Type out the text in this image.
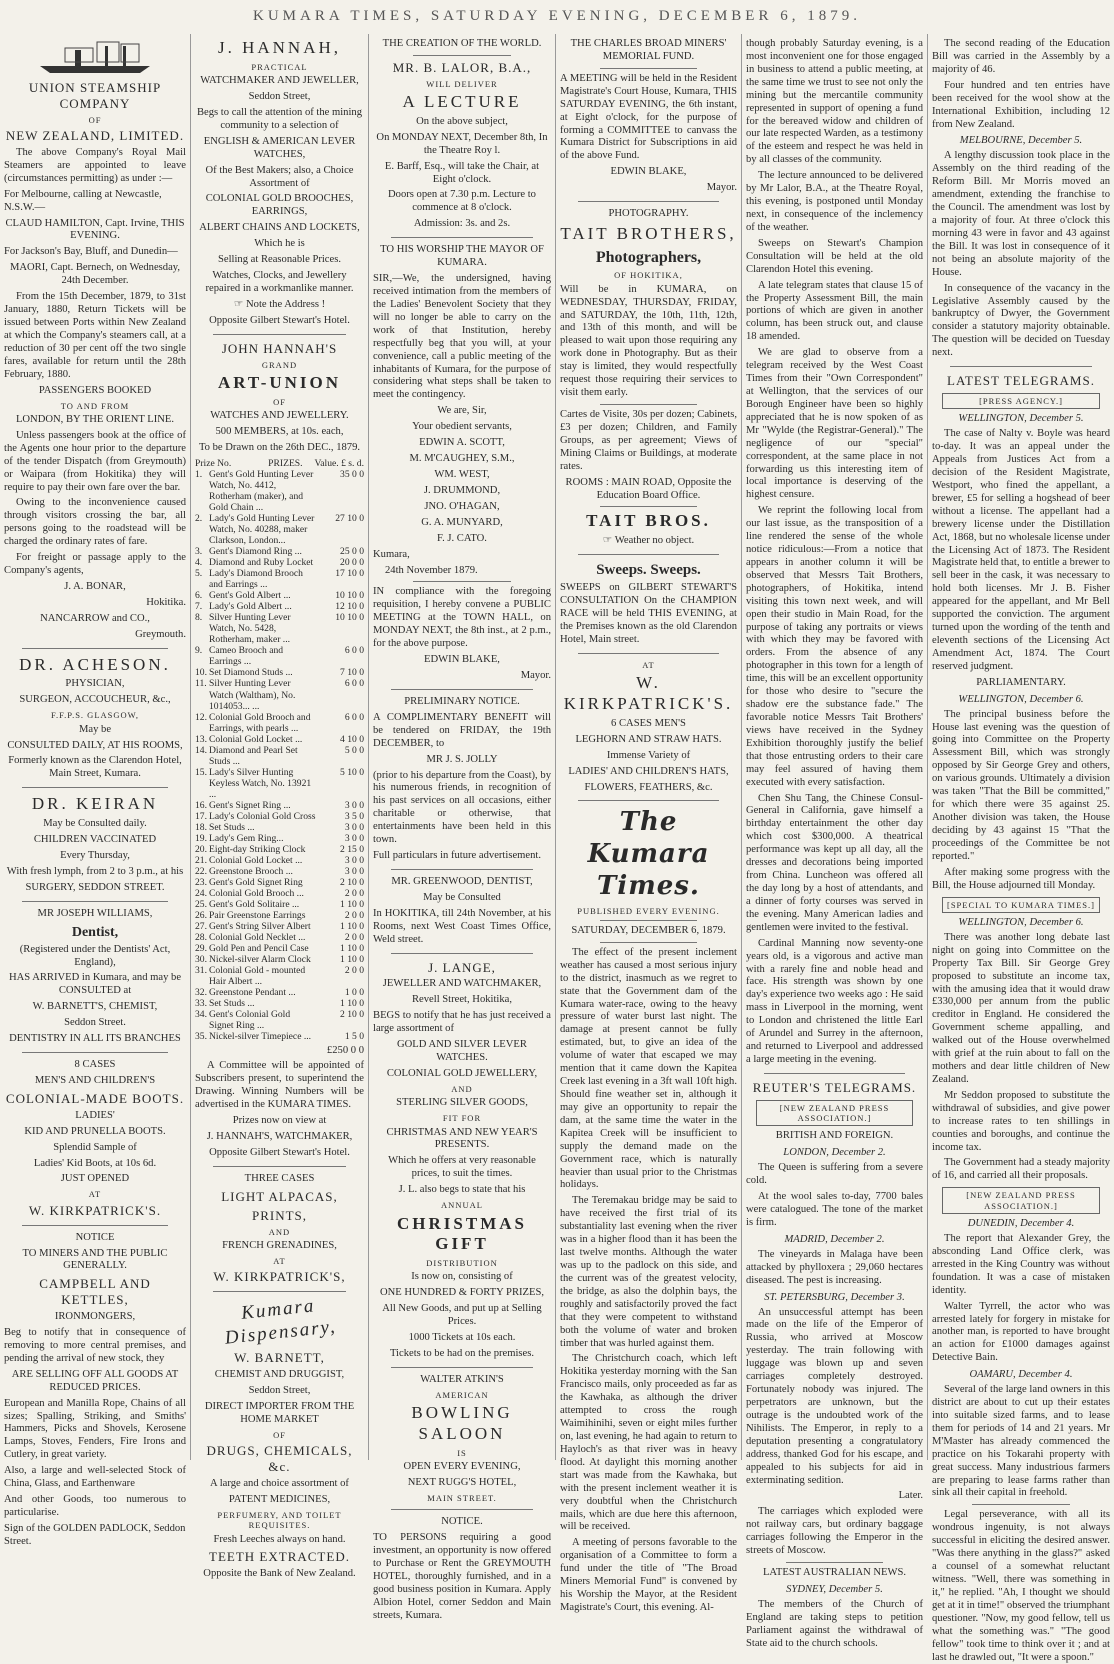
KUMARA TIMES, SATURDAY EVENING, DECEMBER 6, 1879.

UNION STEAMSHIP COMPANY

OF

NEW ZEALAND, LIMITED.

The above Company's Royal Mail Steamers are appointed to leave (circumstances permitting) as under :—

For Melbourne, calling at Newcastle, N.S.W.—

CLAUD HAMILTON, Capt. Irvine, THIS EVENING.

For Jackson's Bay, Bluff, and Dunedin—

MAORI, Capt. Bernech, on Wednesday, 24th December.

From the 15th December, 1879, to 31st January, 1880, Return Tickets will be issued between Ports within New Zealand at which the Company's steamers call, at a reduction of 30 per cent off the two single fares, available for return until the 28th February, 1880.

PASSENGERS BOOKED

TO AND FROM

LONDON, BY THE ORIENT LINE.

Unless passengers book at the office of the Agents one hour prior to the departure of the tender Dispatch (from Greymouth) or Waipara (from Hokitika) they will require to pay their own fare over the bar.

Owing to the inconvenience caused through visitors crossing the bar, all persons going to the roadstead will be charged the ordinary rates of fare.

For freight or passage apply to the Company's agents,

J. A. BONAR,

Hokitika.

NANCARROW and CO.,

Greymouth.

DR. ACHESON.

PHYSICIAN,

SURGEON, ACCOUCHEUR, &c.,

F.F.P.S. GLASGOW,

May be

CONSULTED DAILY, AT HIS ROOMS,

Formerly known as the Clarendon Hotel, Main Street, Kumara.

DR. KEIRAN

May be Consulted daily.

CHILDREN VACCINATED

Every Thursday,

With fresh lymph, from 2 to 3 p.m., at his

SURGERY, SEDDON STREET.

MR JOSEPH WILLIAMS,

Dentist,

(Registered under the Dentists' Act, England),

HAS ARRIVED in Kumara, and may be CONSULTED at

W. BARNETT'S, CHEMIST,

Seddon Street.

DENTISTRY IN ALL ITS BRANCHES

8 CASES

MEN'S AND CHILDREN'S

COLONIAL-MADE BOOTS.

LADIES'

KID AND PRUNELLA BOOTS.

Splendid Sample of

Ladies' Kid Boots, at 10s 6d.

JUST OPENED

AT

W. KIRKPATRICK'S.

NOTICE

TO MINERS AND THE PUBLIC GENERALLY.

CAMPBELL AND KETTLES,

IRONMONGERS,

Beg to notify that in consequence of removing to more central premises, and pending the arrival of new stock, they

ARE SELLING OFF ALL GOODS AT REDUCED PRICES.

European and Manilla Rope, Chains of all sizes; Spalling, Striking, and Smiths' Hammers, Picks and Shovels, Kerosene Lamps, Stoves, Fenders, Fire Irons and Cutlery, in great variety.

Also, a large and well-selected Stock of China, Glass, and Earthenware

And other Goods, too numerous to particularise.

Sign of the GOLDEN PADLOCK, Seddon Street.

J. HANNAH,

PRACTICAL

WATCHMAKER AND JEWELLER,

Seddon Street,

Begs to call the attention of the mining community to a selection of

ENGLISH & AMERICAN LEVER WATCHES,

Of the Best Makers; also, a Choice Assortment of

COLONIAL GOLD BROOCHES, EARRINGS,

ALBERT CHAINS AND LOCKETS,

Which he is

Selling at Reasonable Prices.

Watches, Clocks, and Jewellery repaired in a workmanlike manner.

☞ Note the Address !

Opposite Gilbert Stewart's Hotel.

JOHN HANNAH'S

GRAND

ART-UNION

OF

WATCHES AND JEWELLERY.

500 MEMBERS, at 10s. each,

To be Drawn on the 26th DEC., 1879.

Prize No.	PRIZES.	Value. £ s. d.
1.	Gent's Gold Hunting Lever Watch, No. 4412, Rotherham (maker), and Gold Chain ...	35 0 0
2.	Lady's Gold Hunting Lever Watch, No. 40288, maker Clarkson, London...	27 10 0
3.	Gent's Diamond Ring ...	25 0 0
4.	Diamond and Ruby Locket	20 0 0
5.	Lady's Diamond Brooch and Earrings ...	17 10 0
6.	Gent's Gold Albert ...	10 10 0
7.	Lady's Gold Albert ...	12 10 0
8.	Silver Hunting Lever Watch, No. 5428, Rotherham, maker ...	10 10 0
9.	Cameo Brooch and Earrings ...	6 0 0
10.	Set Diamond Studs ...	7 10 0
11.	Silver Hunting Lever Watch (Waltham), No. 1014053... ...	6 0 0
12.	Colonial Gold Brooch and Earrings, with pearls ...	6 0 0
13.	Colonial Gold Locket ...	4 10 0
14.	Diamond and Pearl Set Studs ...	5 0 0
15.	Lady's Silver Hunting Keyless Watch, No. 13921 ...	5 10 0
16.	Gent's Signet Ring ...	3 0 0
17.	Lady's Colonial Gold Cross	3 5 0
18.	Set Studs ...	3 0 0
19.	Lady's Gem Ring...	3 0 0
20.	Eight-day Striking Clock	2 15 0
21.	Colonial Gold Locket ...	3 0 0
22.	Greenstone Brooch ...	3 0 0
23.	Gent's Gold Signet Ring	2 10 0
24.	Colonial Gold Brooch ...	2 0 0
25.	Gent's Gold Solitaire ...	1 10 0
26.	Pair Greenstone Earrings	2 0 0
27.	Gent's String Silver Albert	1 10 0
28.	Colonial Gold Necklet ...	2 0 0
29.	Gold Pen and Pencil Case	1 10 0
30.	Nickel-silver Alarm Clock	1 10 0
31.	Colonial Gold - mounted Hair Albert ...	2 0 0
32.	Greenstone Pendant ...	1 0 0
33.	Set Studs ...	1 10 0
34.	Gent's Colonial Gold Signet Ring ...	2 10 0
35.	Nickel-silver Timepiece ...	1 5 0

£250 0 0

A Committee will be appointed of Subscribers present, to superintend the Drawing. Winning Numbers will be advertised in the KUMARA TIMES.

Prizes now on view at

J. HANNAH'S, WATCHMAKER,

Opposite Gilbert Stewart's Hotel.

THREE CASES

LIGHT ALPACAS,

PRINTS,

AND

FRENCH GRENADINES,

AT

W. KIRKPATRICK'S,

Kumara Dispensary,

W. BARNETT,

CHEMIST AND DRUGGIST,

Seddon Street,

DIRECT IMPORTER FROM THE HOME MARKET

OF

DRUGS, CHEMICALS, &c.

A large and choice assortment of

PATENT MEDICINES,

PERFUMERY, AND TOILET REQUISITES.

Fresh Leeches always on hand.

TEETH EXTRACTED.

Opposite the Bank of New Zealand.

THE CREATION OF THE WORLD.

MR. B. LALOR, B.A.,

WILL DELIVER

A LECTURE

On the above subject,

On MONDAY NEXT, December 8th, In the Theatre Roy l.

E. Barff, Esq., will take the Chair, at Eight o'clock.

Doors open at 7.30 p.m. Lecture to commence at 8 o'clock.

Admission: 3s. and 2s.

TO HIS WORSHIP THE MAYOR OF KUMARA.

SIR,—We, the undersigned, having received intimation from the members of the Ladies' Benevolent Society that they will no longer be able to carry on the work of that Institution, hereby respectfully beg that you will, at your convenience, call a public meeting of the inhabitants of Kumara, for the purpose of considering what steps shall be taken to meet the contingency.

We are, Sir,

Your obedient servants,

EDWIN A. SCOTT,

M. M'CAUGHEY, S.M.,

WM. WEST,

J. DRUMMOND,

JNO. O'HAGAN,

G. A. MUNYARD,

F. J. CATO.

Kumara,

24th November 1879.

IN compliance with the foregoing requisition, I hereby convene a PUBLIC MEETING at the TOWN HALL, on MONDAY NEXT, the 8th inst., at 2 p.m., for the above purpose.

EDWIN BLAKE,

Mayor.

PRELIMINARY NOTICE.

A COMPLIMENTARY BENEFIT will be tendered on FRIDAY, the 19th DECEMBER, to

MR J. S. JOLLY

(prior to his departure from the Coast), by his numerous friends, in recognition of his past services on all occasions, either charitable or otherwise, that entertainments have been held in this town.

Full particulars in future advertisement.

MR. GREENWOOD, DENTIST,

May be Consulted

In HOKITIKA, till 24th November, at his Rooms, next West Coast Times Office, Weld street.

J. LANGE,

JEWELLER AND WATCHMAKER,

Revell Street, Hokitika,

BEGS to notify that he has just received a large assortment of

GOLD AND SILVER LEVER WATCHES.

COLONIAL GOLD JEWELLERY,

AND

STERLING SILVER GOODS,

FIT FOR

CHRISTMAS AND NEW YEAR'S PRESENTS.

Which he offers at very reasonable prices, to suit the times.

J. L. also begs to state that his

ANNUAL

CHRISTMAS GIFT

DISTRIBUTION

Is now on, consisting of

ONE HUNDRED & FORTY PRIZES,

All New Goods, and put up at Selling Prices.

1000 Tickets at 10s each.

Tickets to be had on the premises.

WALTER ATKIN'S

AMERICAN

BOWLING SALOON

IS

OPEN EVERY EVENING,

NEXT RUGG'S HOTEL,

MAIN STREET.

NOTICE.

TO PERSONS requiring a good investment, an opportunity is now offered to Purchase or Rent the GREYMOUTH HOTEL, thoroughly furnished, and in a good business position in Kumara. Apply Albion Hotel, corner Seddon and Main streets, Kumara.

THE CHARLES BROAD MINERS' MEMORIAL FUND.

A MEETING will be held in the Resident Magistrate's Court House, Kumara, THIS SATURDAY EVENING, the 6th instant, at Eight o'clock, for the purpose of forming a COMMITTEE to canvass the Kumara District for Subscriptions in aid of the above Fund.

EDWIN BLAKE,

Mayor.

PHOTOGRAPHY.

TAIT BROTHERS,

Photographers,

OF HOKITIKA,

Will be in KUMARA, on WEDNESDAY, THURSDAY, FRIDAY, and SATURDAY, the 10th, 11th, 12th, and 13th of this month, and will be pleased to wait upon those requiring any work done in Photography. But as their stay is limited, they would respectfully request those requiring their services to visit them early.

Cartes de Visite, 30s per dozen; Cabinets, £3 per dozen; Children, and Family Groups, as per agreement; Views of Mining Claims or Buildings, at moderate rates.

ROOMS : MAIN ROAD, Opposite the Education Board Office.

TAIT BROS.

☞ Weather no object.

Sweeps. Sweeps.

SWEEPS on GILBERT STEWART'S CONSULTATION On the CHAMPION RACE will be held THIS EVENING, at the Premises known as the old Clarendon Hotel, Main street.

AT

W. KIRKPATRICK'S.

6 CASES MEN'S

LEGHORN AND STRAW HATS.

Immense Variety of

LADIES' AND CHILDREN'S HATS,

FLOWERS, FEATHERS, &c.

The Kumara Times.

PUBLISHED EVERY EVENING.

SATURDAY, DECEMBER 6, 1879.

The effect of the present inclement weather has caused a most serious injury to the district, inasmuch as we regret to state that the Government dam of the Kumara water-race, owing to the heavy pressure of water burst last night. The damage at present cannot be fully estimated, but, to give an idea of the volume of water that escaped we may mention that it came down the Kapitea Creek last evening in a 3ft wall 10ft high. Should fine weather set in, although it may give an opportunity to repair the dam, at the same time the water in the Kapitea Creek will be insufficient to supply the demand made on the Government race, which is naturally heavier than usual prior to the Christmas holidays.

The Teremakau bridge may be said to have received the first trial of its substantiality last evening when the river was in a higher flood than it has been the last twelve months. Although the water was up to the padlock on this side, and the current was of the greatest velocity, the bridge, as also the dolphin bays, the roughly and satisfactorily proved the fact that they were competent to withstand both the volume of water and broken timber that was hurled against them.

The Christchurch coach, which left Hokitika yesterday morning with the San Francisco mails, only proceeded as far as the Kawhaka, as although the driver attempted to cross the rough Waimihinihi, seven or eight miles further on, last evening, he had again to return to Hayloch's as that river was in heavy flood. At daylight this morning another start was made from the Kawhaka, but with the present inclement weather it is very doubtful when the Christchurch mails, which are due here this afternoon, will be received.

A meeting of persons favorable to the organisation of a Committee to form a fund under the title of "The Broad Miners Memorial Fund" is convened by his Worship the Mayor, at the Resident Magistrate's Court, this evening. Al-

though probably Saturday evening, is a most inconvenient one for those engaged in business to attend a public meeting, at the same time we trust to see not only the mining but the mercantile community represented in support of opening a fund for the bereaved widow and children of our late respected Warden, as a testimony of the esteem and respect he was held in by all classes of the community.

The lecture announced to be delivered by Mr Lalor, B.A., at the Theatre Royal, this evening, is postponed until Monday next, in consequence of the inclemency of the weather.

Sweeps on Stewart's Champion Consultation will be held at the old Clarendon Hotel this evening.

A late telegram states that clause 15 of the Property Assessment Bill, the main portions of which are given in another column, has been struck out, and clause 18 amended.

We are glad to observe from a telegram received by the West Coast Times from their "Own Correspondent" at Wellington, that the services of our Borough Engineer have been so highly appreciated that he is now spoken of as Mr "Wylde (the Registrar-General)." The negligence of our "special" correspondent, at the same place in not forwarding us this interesting item of local importance is deserving of the highest censure.

We reprint the following local from our last issue, as the transposition of a line rendered the sense of the whole notice ridiculous:—From a notice that appears in another column it will be observed that Messrs Tait Brothers, photographers, of Hokitika, intend visiting this town next week, and will open their studio in Main Road, for the purpose of taking any portraits or views with which they may be favored with orders. From the absence of any photographer in this town for a length of time, this will be an excellent opportunity for those who desire to "secure the shadow ere the substance fade." The favorable notice Messrs Tait Brothers' views have received in the Sydney Exhibition thoroughly justify the belief that those entrusting orders to their care may feel assured of having them executed with every satisfaction.

Chen Shu Tang, the Chinese Consul-General in California, gave himself a birthday entertainment the other day which cost $300,000. A theatrical performance was kept up all day, all the dresses and decorations being imported from China. Luncheon was offered all the day long by a host of attendants, and a dinner of forty courses was served in the evening. Many American ladies and gentlemen were invited to the festival.

Cardinal Manning now seventy-one years old, is a vigorous and active man with a rarely fine and noble head and face. His strength was shown by one day's experience two weeks ago : He said mass in Liverpool in the morning, went to London and christened the little Earl of Arundel and Surrey in the afternoon, and returned to Liverpool and addressed a large meeting in the evening.

REUTER'S TELEGRAMS.

[NEW ZEALAND PRESS ASSOCIATION.]

BRITISH AND FOREIGN.

LONDON, December 2.

The Queen is suffering from a severe cold.

At the wool sales to-day, 7700 bales were catalogued. The tone of the market is firm.

MADRID, December 2.

The vineyards in Malaga have been attacked by phylloxera ; 29,060 hectares diseased. The pest is increasing.

ST. PETERSBURG, December 3.

An unsuccessful attempt has been made on the life of the Emperor of Russia, who arrived at Moscow yesterday. The train following with luggage was blown up and seven carriages completely destroyed. Fortunately nobody was injured. The perpetrators are unknown, but the outrage is the undoubted work of the Nihilists. The Emperor, in reply to a deputation presenting a congratulatory address, thanked God for his escape, and appealed to his subjects for aid in exterminating sedition.

Later.

The carriages which exploded were not railway cars, but ordinary baggage carriages following the Emperor in the streets of Moscow.

LATEST AUSTRALIAN NEWS.

SYDNEY, December 5.

The members of the Church of England are taking steps to petition Parliament against the withdrawal of State aid to the church schools.

The second reading of the Education Bill was carried in the Assembly by a majority of 46.

Four hundred and ten entries have been received for the wool show at the International Exhibition, including 12 from New Zealand.

MELBOURNE, December 5.

A lengthy discussion took place in the Assembly on the third reading of the Reform Bill. Mr Morris moved an amendment, extending the franchise to the Council. The amendment was lost by a majority of four. At three o'clock this morning 43 were in favor and 43 against the Bill. It was lost in consequence of it not being an absolute majority of the House.

In consequence of the vacancy in the Legislative Assembly caused by the bankruptcy of Dwyer, the Government consider a statutory majority obtainable. The question will be decided on Tuesday next.

LATEST TELEGRAMS.

[PRESS AGENCY.]

WELLINGTON, December 5.

The case of Nalty v. Boyle was heard to-day. It was an appeal under the Appeals from Justices Act from a decision of the Resident Magistrate, Westport, who fined the appellant, a brewer, £5 for selling a hogshead of beer without a license. The appellant had a brewery license under the Distillation Act, 1868, but no wholesale license under the Licensing Act of 1873. The Resident Magistrate held that, to entitle a brewer to sell beer in the cask, it was necessary to hold both licenses. Mr J. B. Fisher appeared for the appellant, and Mr Bell supported the conviction. The argument turned upon the wording of the tenth and eleventh sections of the Licensing Act Amendment Act, 1874. The Court reserved judgment.

PARLIAMENTARY.

WELLINGTON, December 6.

The principal business before the House last evening was the question of going into Committee on the Property Assessment Bill, which was strongly opposed by Sir George Grey and others, on various grounds. Ultimately a division was taken "That the Bill be committed," for which there were 35 against 25. Another division was taken, the House deciding by 43 against 15 "That the proceedings of the Committee be not reported."

After making some progress with the Bill, the House adjourned till Monday.

[SPECIAL TO KUMARA TIMES.]

WELLINGTON, December 6.

There was another long debate last night on going into Committee on the Property Tax Bill. Sir George Grey proposed to substitute an income tax, with the amusing idea that it would draw £330,000 per annum from the public creditor in England. He considered the Government scheme appalling, and walked out of the House overwhelmed with grief at the ruin about to fall on the mothers and dear little children of New Zealand.

Mr Seddon proposed to substitute the withdrawal of subsidies, and give power to increase rates to ten shillings in counties and boroughs, and continue the income tax.

The Government had a steady majority of 16, and carried all their proposals.

[NEW ZEALAND PRESS ASSOCIATION.]

DUNEDIN, December 4.

The report that Alexander Grey, the absconding Land Office clerk, was arrested in the King Country was without foundation. It was a case of mistaken identity.

Walter Tyrrell, the actor who was arrested lately for forgery in mistake for another man, is reported to have brought an action for £1000 damages against Detective Bain.

OAMARU, December 4.

Several of the large land owners in this district are about to cut up their estates into suitable sized farms, and to lease them for periods of 14 and 21 years. Mr M'Master has already commenced the practice on his Tokarahi property with great success. Many industrious farmers are preparing to lease farms rather than sink all their capital in freehold.

Legal perseverance, with all its wondrous ingenuity, is not always successful in eliciting the desired answer. "Was there anything in the glass?" asked a counsel of a somewhat reluctant witness. "Well, there was something in it," he replied. "Ah, I thought we should get at it in time!" observed the triumphant questioner. "Now, my good fellow, tell us what the something was." "The good fellow" took time to think over it ; and at last he drawled out, "It were a spoon."
